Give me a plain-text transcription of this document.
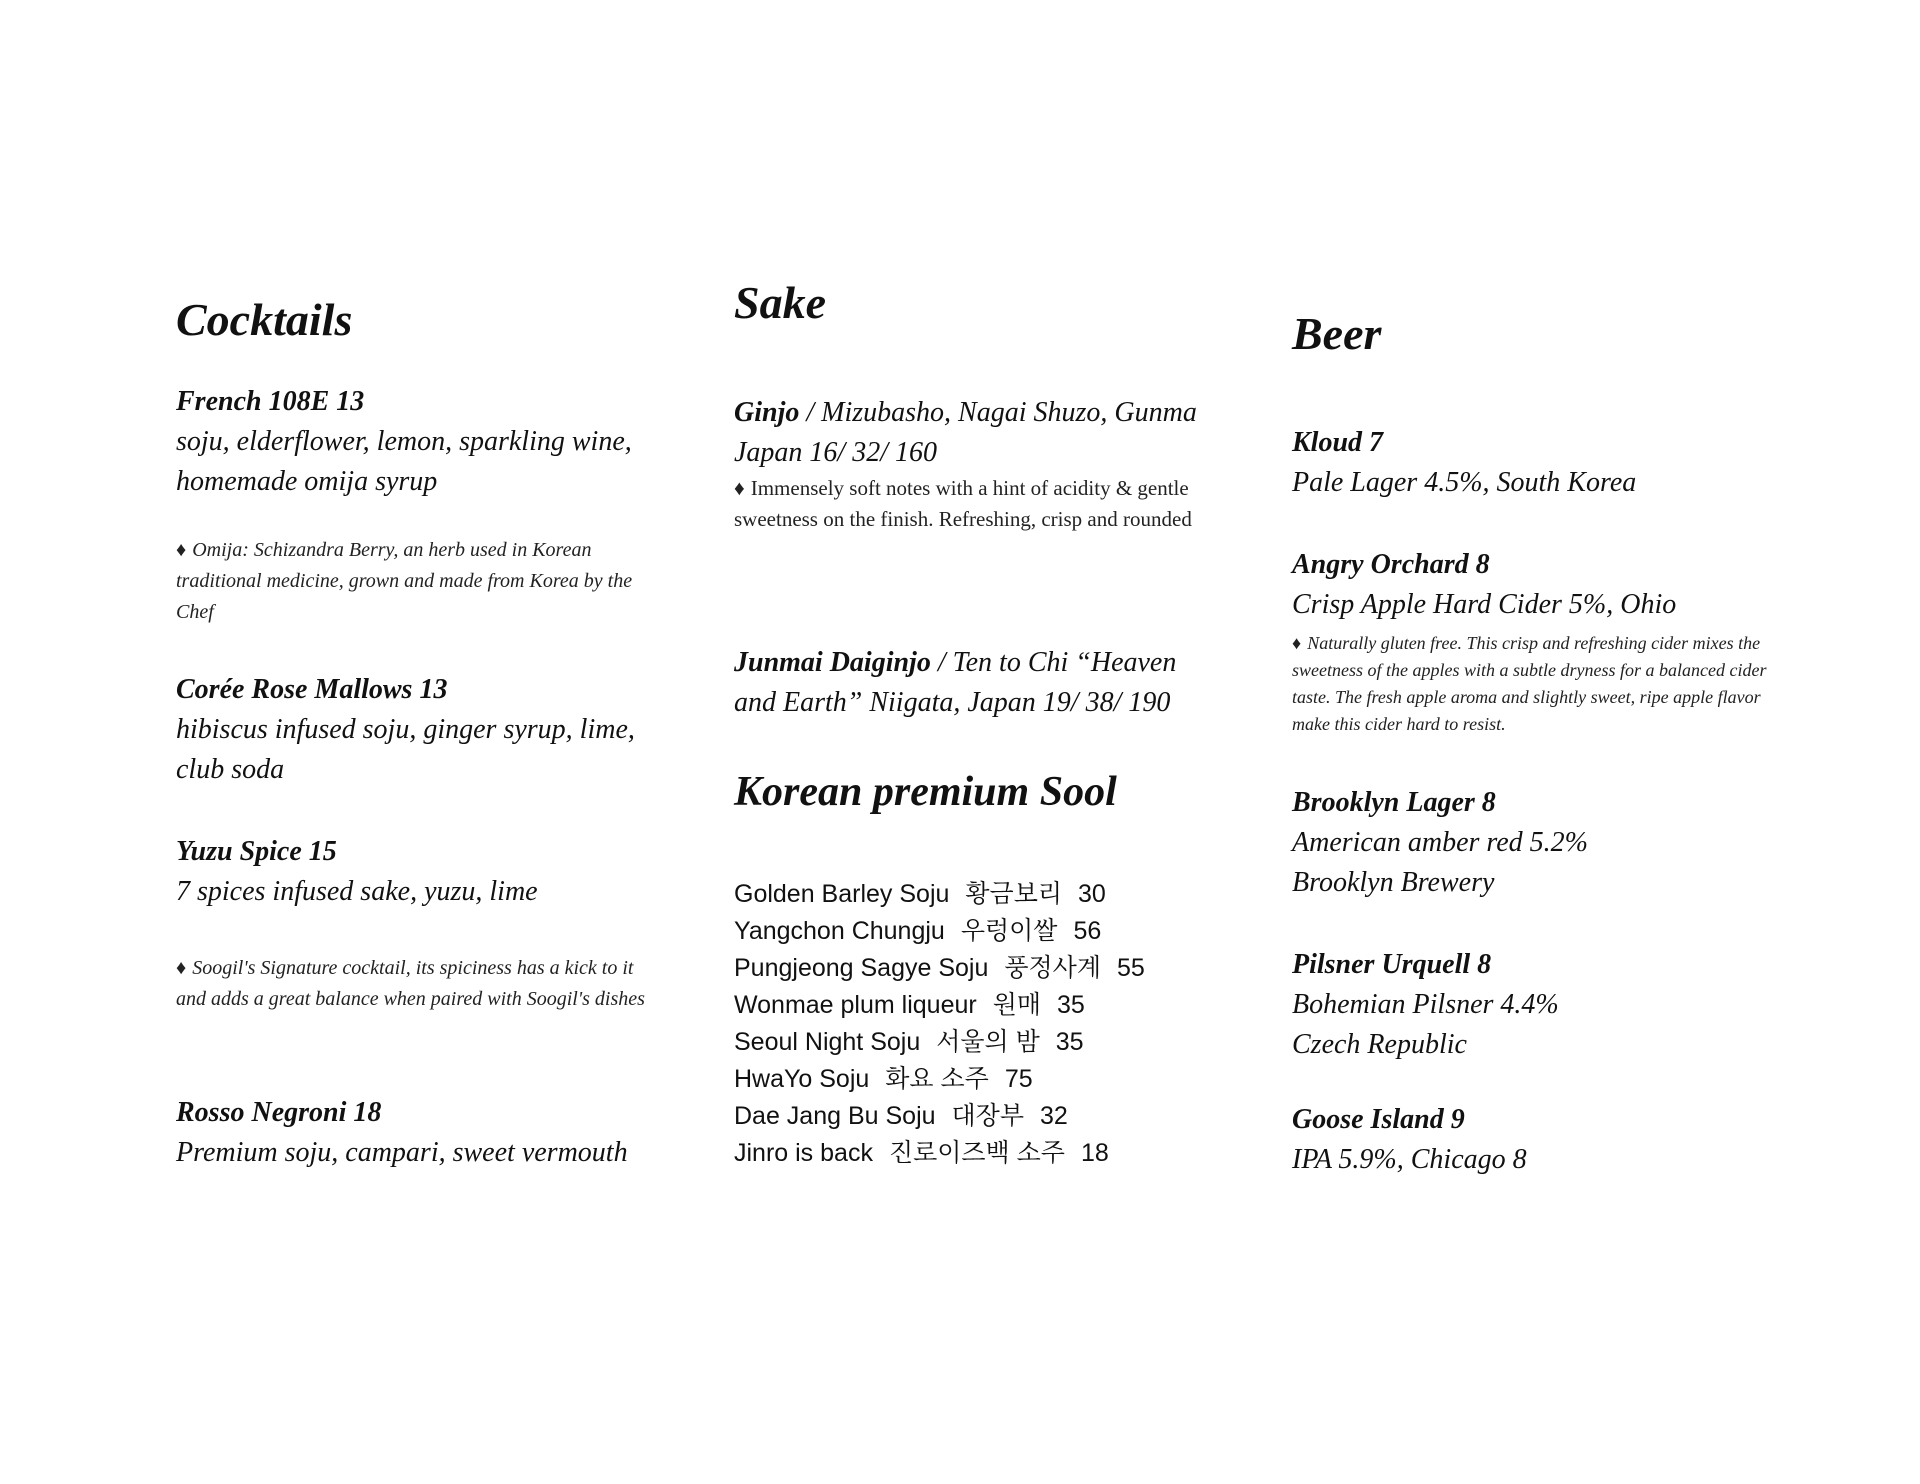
Cocktails
French 108E 13
soju, elderflower, lemon, sparkling wine, homemade omija syrup
♦ Omija: Schizandra Berry, an herb used in Korean traditional medicine, grown and made from Korea by the Chef
Corée Rose Mallows 13
hibiscus infused soju, ginger syrup, lime, club soda
Yuzu Spice 15
7 spices infused sake, yuzu, lime
♦ Soogil's Signature cocktail, its spiciness has a kick to it and adds a great balance when paired with Soogil's dishes
Rosso Negroni 18
Premium soju, campari, sweet vermouth
Sake
Ginjo / Mizubasho, Nagai Shuzo, Gunma Japan 16/ 32/ 160
♦ Immensely soft notes with a hint of acidity & gentle sweetness on the finish. Refreshing, crisp and rounded
Junmai Daiginjo / Ten to Chi “Heaven and Earth” Niigata, Japan 19/ 38/ 190
Korean premium Sool
Golden Barley Soju 황금보리 30
Yangchon Chungju 우렁이쌀 56
Pungjeong Sagye Soju 풍정사계 55
Wonmae plum liqueur 원매 35
Seoul Night Soju 서울의 밤 35
HwaYo Soju 화요 소주 75
Dae Jang Bu Soju 대장부 32
Jinro is back 진로이즈백 소주 18
Beer
Kloud 7
Pale Lager 4.5%, South Korea
Angry Orchard 8
Crisp Apple Hard Cider 5%, Ohio
♦ Naturally gluten free. This crisp and refreshing cider mixes the sweetness of the apples with a subtle dryness for a balanced cider taste. The fresh apple aroma and slightly sweet, ripe apple flavor make this cider hard to resist.
Brooklyn Lager 8
American amber red 5.2% Brooklyn Brewery
Pilsner Urquell 8
Bohemian Pilsner 4.4% Czech Republic
Goose Island 9
IPA 5.9%, Chicago 8
